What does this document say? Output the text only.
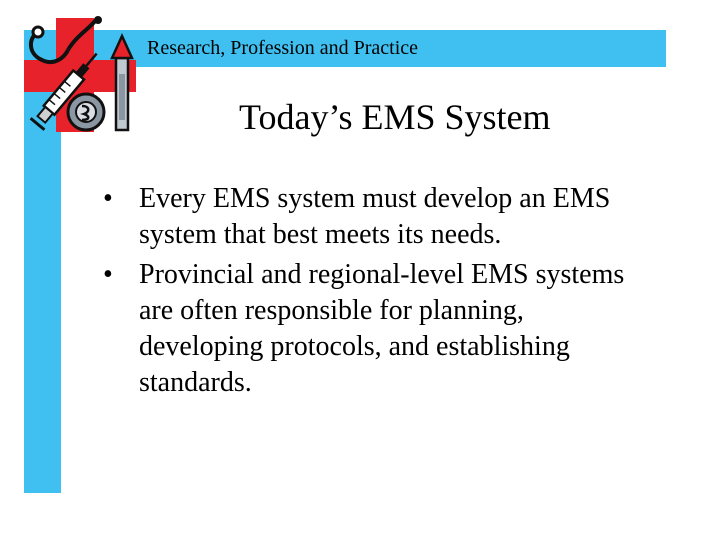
Research, Profession and Practice
Today’s EMS System
• Every EMS system must develop an EMS system that best meets its needs.
• Provincial and regional-level EMS systems are often responsible for planning, developing protocols, and establishing standards.
